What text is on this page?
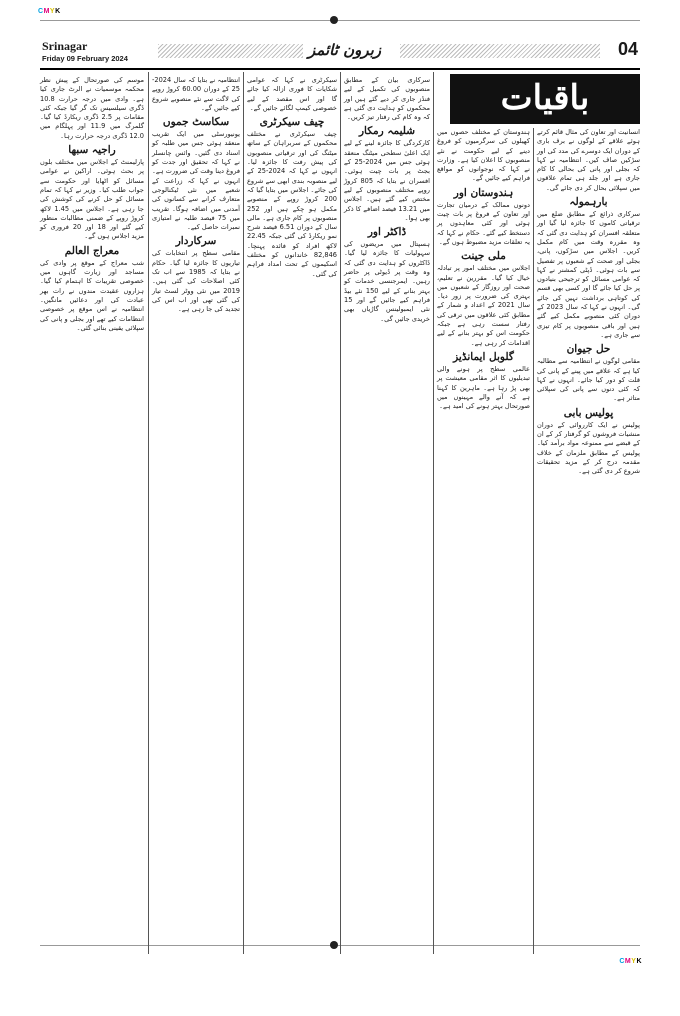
CMYK
CMYK
Srinagar
Friday 09 February 2024	زبرون ٹائمز	04
باقیات

انسانیت اور تعاون کی مثال قائم کرتے ہوئے علاقے کے لوگوں نے برف باری کے دوران ایک دوسرے کی مدد کی اور سڑکیں صاف کیں۔ انتظامیہ نے کہا کہ بجلی اور پانی کی بحالی کا کام جاری ہے اور جلد ہی تمام علاقوں میں سپلائی بحال کر دی جائے گی۔

بارہمولہ

سرکاری ذرائع کے مطابق ضلع میں ترقیاتی کاموں کا جائزہ لیا گیا اور متعلقہ افسران کو ہدایت دی گئی کہ وہ مقررہ وقت میں کام مکمل کریں۔ اجلاس میں سڑکوں، پانی، بجلی اور صحت کے شعبوں پر تفصیل سے بات ہوئی۔ ڈپٹی کمشنر نے کہا کہ عوامی مسائل کو ترجیحی بنیادوں پر حل کیا جائے گا اور کسی بھی قسم کی کوتاہی برداشت نہیں کی جائے گی۔ انہوں نے کہا کہ سال 2023 کے دوران کئی منصوبے مکمل کیے گئے ہیں اور باقی منصوبوں پر کام تیزی سے جاری ہے۔

حل جیوان

مقامی لوگوں نے انتظامیہ سے مطالبہ کیا ہے کہ علاقے میں پینے کے پانی کی قلت کو دور کیا جائے۔ انہوں نے کہا کہ کئی دنوں سے پانی کی سپلائی متاثر ہے۔

پولیس بابی

پولیس نے ایک کارروائی کے دوران منشیات فروشوں کو گرفتار کر کے ان کے قبضے سے ممنوعہ مواد برآمد کیا۔ پولیس کے مطابق ملزمان کے خلاف مقدمہ درج کر کے مزید تحقیقات شروع کر دی گئی ہے۔

ہندوستان کے مختلف حصوں میں کھیلوں کی سرگرمیوں کو فروغ دینے کے لیے حکومت نے نئے منصوبوں کا اعلان کیا ہے۔ وزارت نے کہا کہ نوجوانوں کو مواقع فراہم کیے جائیں گے۔

ہندوستان اور

دونوں ممالک کے درمیان تجارت اور تعاون کے فروغ پر بات چیت ہوئی اور کئی معاہدوں پر دستخط کیے گئے۔ حکام نے کہا کہ یہ تعلقات مزید مضبوط ہوں گے۔

ملی جینت

اجلاس میں مختلف امور پر تبادلہ خیال کیا گیا۔ مقررین نے تعلیم، صحت اور روزگار کے شعبوں میں بہتری کی ضرورت پر زور دیا۔ سال 2021 کے اعداد و شمار کے مطابق کئی علاقوں میں ترقی کی رفتار سست رہی ہے جبکہ حکومت اس کو بہتر بنانے کے لیے اقدامات کر رہی ہے۔

گلوبل ایمانڈیز

عالمی سطح پر ہونے والی تبدیلیوں کا اثر مقامی معیشت پر بھی پڑ رہا ہے۔ ماہرین کا کہنا ہے کہ آنے والے مہینوں میں صورتحال بہتر ہونے کی امید ہے۔

سرکاری بیان کے مطابق منصوبوں کی تکمیل کے لیے فنڈز جاری کر دیے گئے ہیں اور محکموں کو ہدایت دی گئی ہے کہ وہ کام کی رفتار تیز کریں۔

شلیمہ رمکار

کارکردگی کا جائزہ لینے کے لیے ایک اعلیٰ سطحی میٹنگ منعقد ہوئی جس میں 2024-25 کے بجٹ پر بات چیت ہوئی۔ افسران نے بتایا کہ 805 کروڑ روپے مختلف منصوبوں کے لیے مختص کیے گئے ہیں۔ اجلاس میں 13.21 فیصد اضافے کا ذکر بھی ہوا۔

ڈاکٹر اور

ہسپتال میں مریضوں کی سہولیات کا جائزہ لیا گیا۔ ڈاکٹروں کو ہدایت دی گئی کہ وہ وقت پر ڈیوٹی پر حاضر رہیں۔ ایمرجنسی خدمات کو بہتر بنانے کے لیے 150 نئے بیڈ فراہم کیے جائیں گے اور 15 نئی ایمبولینس گاڑیاں بھی خریدی جائیں گی۔

سیکرٹری نے کہا کہ عوامی شکایات کا فوری ازالہ کیا جائے گا اور اس مقصد کے لیے خصوصی کیمپ لگائے جائیں گے۔

چیف سیکرٹری

چیف سیکرٹری نے مختلف محکموں کے سربراہان کے ساتھ میٹنگ کی اور ترقیاتی منصوبوں کی پیش رفت کا جائزہ لیا۔ انہوں نے کہا کہ 2024-25 کے لیے منصوبہ بندی ابھی سے شروع کی جائے۔ اجلاس میں بتایا گیا کہ 200 کروڑ روپے کے منصوبے مکمل ہو چکے ہیں اور 252 منصوبوں پر کام جاری ہے۔ مالی سال کے دوران 6.51 فیصد شرح نمو ریکارڈ کی گئی جبکہ 22.45 لاکھ افراد کو فائدہ پہنچا۔ 82,846 خاندانوں کو مختلف اسکیموں کے تحت امداد فراہم کی گئی۔

انتظامیہ نے بتایا کہ سال 2024-25 کے دوران 60.00 کروڑ روپے کی لاگت سے نئے منصوبے شروع کیے جائیں گے۔

سکاسٹ جموں

یونیورسٹی میں ایک تقریب منعقد ہوئی جس میں طلبہ کو اسناد دی گئیں۔ وائس چانسلر نے کہا کہ تحقیق اور جدت کو فروغ دینا وقت کی ضرورت ہے۔ انہوں نے کہا کہ زراعت کے شعبے میں نئی ٹیکنالوجی متعارف کرانے سے کسانوں کی آمدنی میں اضافہ ہوگا۔ تقریب میں 75 فیصد طلبہ نے امتیازی نمبرات حاصل کیے۔

سرکاردار

مقامی سطح پر انتخابات کی تیاریوں کا جائزہ لیا گیا۔ حکام نے بتایا کہ 1985 سے اب تک کئی اصلاحات کی گئی ہیں۔ 2019 میں نئی ووٹر لسٹ تیار کی گئی تھی اور اب اس کی تجدید کی جا رہی ہے۔

موسم کی صورتحال کے پیش نظر محکمہ موسمیات نے الرٹ جاری کیا ہے۔ وادی میں درجہ حرارت 10.8 ڈگری سیلسیس تک گر گیا جبکہ کئی مقامات پر 2.5 ڈگری ریکارڈ کیا گیا۔ گلمرگ میں 11.9 اور پہلگام میں 12.0 ڈگری درجہ حرارت رہا۔

راجیہ سبھا

پارلیمنٹ کے اجلاس میں مختلف بلوں پر بحث ہوئی۔ اراکین نے عوامی مسائل کو اٹھایا اور حکومت سے جواب طلب کیا۔ وزیر نے کہا کہ تمام مسائل کو حل کرنے کی کوشش کی جا رہی ہے۔ اجلاس میں 1.45 لاکھ کروڑ روپے کے ضمنی مطالبات منظور کیے گئے اور 18 اور 20 فروری کو مزید اجلاس ہوں گے۔

معراج العالم

شب معراج کے موقع پر وادی کی مساجد اور زیارت گاہوں میں خصوصی تقریبات کا اہتمام کیا گیا۔ ہزاروں عقیدت مندوں نے رات بھر عبادت کی اور دعائیں مانگیں۔ انتظامیہ نے اس موقع پر خصوصی انتظامات کیے تھے اور بجلی و پانی کی سپلائی یقینی بنائی گئی۔
